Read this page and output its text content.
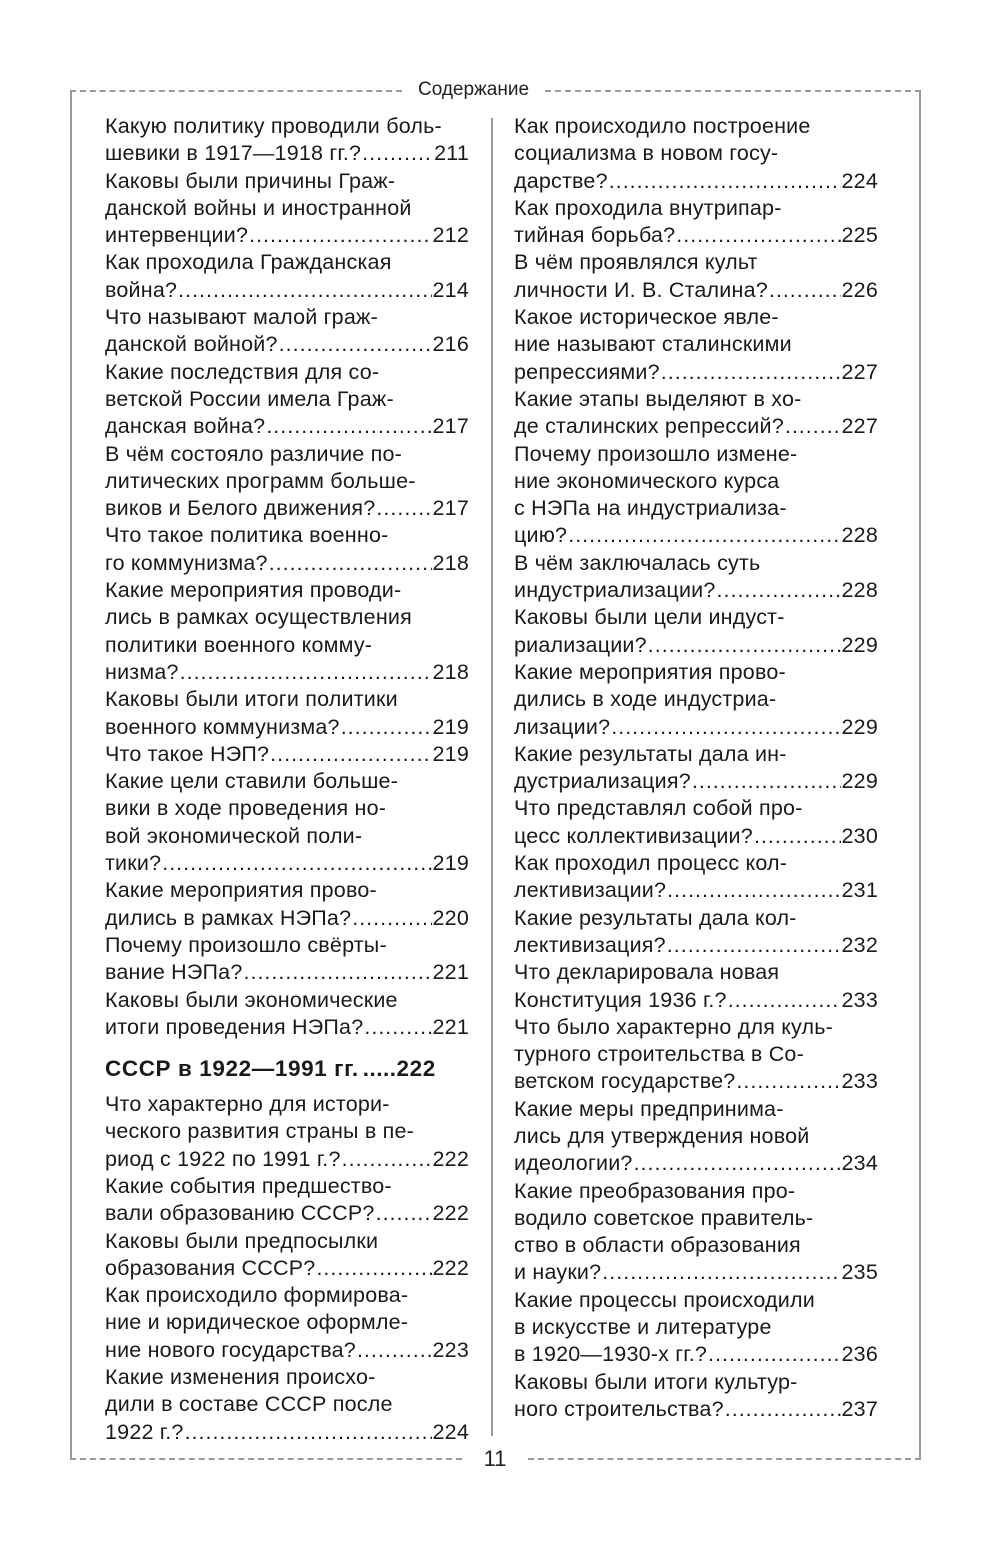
Содержание
Какую политику проводили боль-
шевики в 1917—1918 гг.? .....	211
Каковы были причины Граж-
данской войны и иностранной
интервенции? .....	212
Как проходила Гражданская
война? .....	214
Что называют малой граж-
данской войной? .....	216
Какие последствия для со-
ветской России имела Граж-
данская война? .....	217
В чём состояло различие по-
литических программ больше-
виков и Белого движения? .....	217
Что такое политика военно-
го коммунизма? .....	218
Какие мероприятия проводи-
лись в рамках осуществления
политики военного комму-
низма? .....	218
Каковы были итоги политики
военного коммунизма? .....	219
Что такое НЭП? .....	219
Какие цели ставили больше-
вики в ходе проведения но-
вой экономической поли-
тики? .....	219
Какие мероприятия прово-
дились в рамках НЭПа? .....	220
Почему произошло свёрты-
вание НЭПа? .....	221
Каковы были экономические
итоги проведения НЭПа? .....	221
СССР в 1922—1991 гг. ..... 222
Что характерно для истори-
ческого развития страны в пе-
риод с 1922 по 1991 г.? .....	222
Какие события предшество-
вали образованию СССР? .....	222
Каковы были предпосылки
образования СССР? .....	222
Как происходило формирова-
ние и юридическое оформле-
ние нового государства? .....	223
Какие изменения происхо-
дили в составе СССР после
1922 г.? .....	224
Как происходило построение
социализма в новом госу-
дарстве? .....	224
Как проходила внутрипар-
тийная борьба? .....	225
В чём проявлялся культ
личности И. В. Сталина? .....	226
Какое историческое явле-
ние называют сталинскими
репрессиями? .....	227
Какие этапы выделяют в хо-
де сталинских репрессий? .....	227
Почему произошло измене-
ние экономического курса
с НЭПа на индустриализа-
цию? .....	228
В чём заключалась суть
индустриализации? .....	228
Каковы были цели индуст-
риализации? .....	229
Какие мероприятия прово-
дились в ходе индустриа-
лизации? .....	229
Какие результаты дала ин-
дустриализация? .....	229
Что представлял собой про-
цесс коллективизации? .....	230
Как проходил процесс кол-
лективизации? .....	231
Какие результаты дала кол-
лективизация? .....	232
Что декларировала новая
Конституция 1936 г.? .....	233
Что было характерно для куль-
турного строительства в Со-
ветском государстве? .....	233
Какие меры предпринима-
лись для утверждения новой
идеологии? .....	234
Какие преобразования про-
водило советское правитель-
ство в области образования
и науки? .....	235
Какие процессы происходили
в искусстве и литературе
в 1920—1930-х гг.? .....	236
Каковы были итоги культур-
ного строительства? .....	237
11
